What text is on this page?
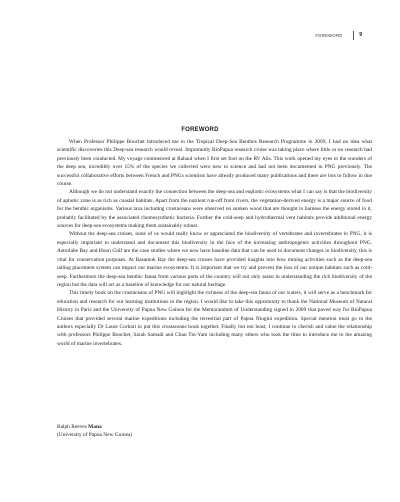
FOREWORD	9
FOREWORD

When Professor Philippe Bouchet introduced me to the Tropical Deep-Sea Benthos Research Programme in 2009, I had no idea what scientific discoveries this Deep-sea research would reveal. Importantly BioPapua research cruise was taking place where little or no research had previously been conducted. My voyage commenced at Rabaul when I first set foot on the RV Alis. This work opened my eyes to the wonders of the deep sea, incredibly over 15% of the species we collected were new to science and had not been documented in PNG previously. The successful collaborative efforts between French and PNGs scientists have already produced many publications and there are lots to follow in due course.

Although we do not understand exactly the connection between the deep-sea and euphotic ecosystems what I can say is that the biodiversity of aphotic zone is as rich as coastal habitats. Apart from the nutrient run-off from rivers, the vegetation-derived energy is a major source of food for the benthic organisms. Various taxa including crustaceans were observed on sunken wood that are thought to harness the energy stored in it, probably facilitated by the associated chemosynthetic bacteria. Further the cold-seep and hydrothermal vent habitats provide additional energy sources for deep-sea ecosystems making them sustainably robust.

Without the deep-sea cruises, none of us would really know or appreciated the biodiversity of vertebrates and invertebrates in PNG, it is especially important to understand and document this biodiversity in the face of the increasing anthropogenic activities throughout PNG. Astrolabe Bay and Huon Gulf are the case studies where we now have baseline data that can be used to document changes in biodiversity, this is vital for conservation purposes. At Basamuk Bay the deep-sea cruises have provided insights into how mining activities such as the deep-sea tailing placement system can impact our marine ecosystems. It is important that we try and prevent the loss of our unique habitats such as cold-seep. Furthermore the deep-sea benthic fauna from various parts of the country will not only assist in understanding the rich biodiversity of the region but the data will act as a baseline of knowledge for our natural heritage.

This timely book on the crustaceans of PNG will highlight the richness of the deep-sea fauna of our waters, it will serve as a benchmark for education and research for our learning institutions in the region. I would like to take this opportunity to thank the National Museum of Natural History in Paris and the University of Papua New Guinea for the Memorandum of Understanding signed in 2009 that paved way for BioPapua Cruises that provided several marine expeditions including the terrestrial part of Papua Niugini expedition. Special mention must go to the authors especially Dr Laure Corbari to put this crustaceans book together. Finally but not least, I continue to cherish and value the relationship with professors Philippe Bouchet, Sarah Samadi and Chan Tin-Yam including many others who took the time to introduce me to the amazing world of marine invertebrates.

Ralph Reeves Mana
(University of Papua New Guinea)
